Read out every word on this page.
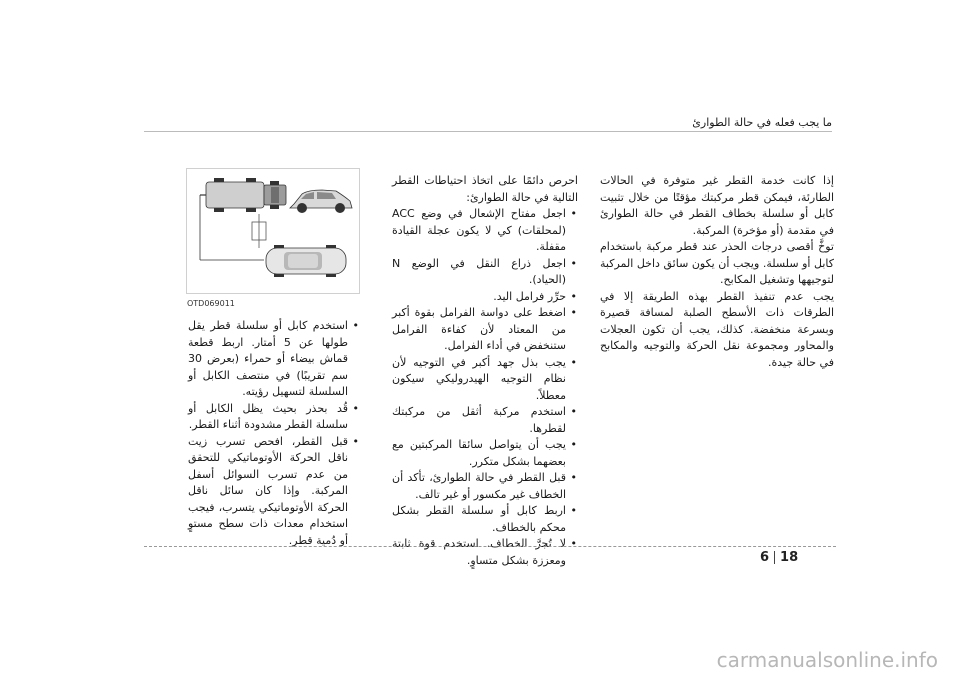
ما يجب فعله في حالة الطوارئ

إذا كانت خدمة القطر غير متوفرة في الحالات الطارئة، فيمكن قطر مركبتك مؤقتًا من خلال تثبيت كابل أو سلسلة بخطاف القطر في حالة الطوارئ في مقدمة (أو مؤخرة) المركبة.

توخَّ أقصى درجات الحذر عند قطر مركبة باستخدام كابل أو سلسلة. ويجب أن يكون سائق داخل المركبة لتوجيهها وتشغيل المكابح.

يجب عدم تنفيذ القطر بهذه الطريقة إلا في الطرقات ذات الأسطح الصلبة لمسافة قصيرة وبسرعة منخفضة. كذلك، يجب أن تكون العجلات والمحاور ومجموعة نقل الحركة والتوجيه والمكابح في حالة جيدة.

احرص دائمًا على اتخاذ احتياطات القطر التالية في حالة الطوارئ:

• اجعل مفتاح الإشعال في وضع ACC (لمحلقات) كي لا يكون عجلة القيادة مقفلة.
• اجعل ذراع النقل في الوضع N (الحياد).
• حرِّر فرامل اليد.
• اضغط على دواسة الفرامل بقوة أكبر من المعتاد لأن كفاءة الفرامل ستنخفض في أداء الفرامل.
• يجب بذل جهد أكبر في التوجيه لأن نظام التوجيه الهيدروليكي سيكون معطلاً.
• استخدم مركبة أثقل من مركبتك لقطرها.
• يجب أن يتواصل سائقا المركبتين مع بعضهما بشكل متكرر.
• قبل القطر في حالة الطوارئ، تأكد أن الخطاف غير مكسور أو غير تالف.
• اربط كابل أو سلسلة القطر بشكل محكم بالخطاف.
• لا تُجرَّ الخطاف. استخدم قوة ثابتة ومعززة بشكل متساوٍ.
OTD069011
• استخدم كابل أو سلسلة قطر يقل طولها عن 5 أمتار. اربط قطعة قماش بيضاء أو حمراء (بعرض 30 سم تقريبًا) في منتصف الكابل أو السلسلة لتسهيل رؤيته.
• قُد بحذر بحيث يظل الكابل أو سلسلة القطر مشدودة أثناء القطر.
• قبل القطر، افحص تسرب زيت ناقل الحركة الأوتوماتيكي للتحقق من عدم تسرب السوائل أسفل المركبة. وإذا كان سائل ناقل الحركة الأوتوماتيكي يتسرب، فيجب استخدام معدات ذات سطح مستوٍ أو دُمية قطر.
6 18
carmanualsonline.info
